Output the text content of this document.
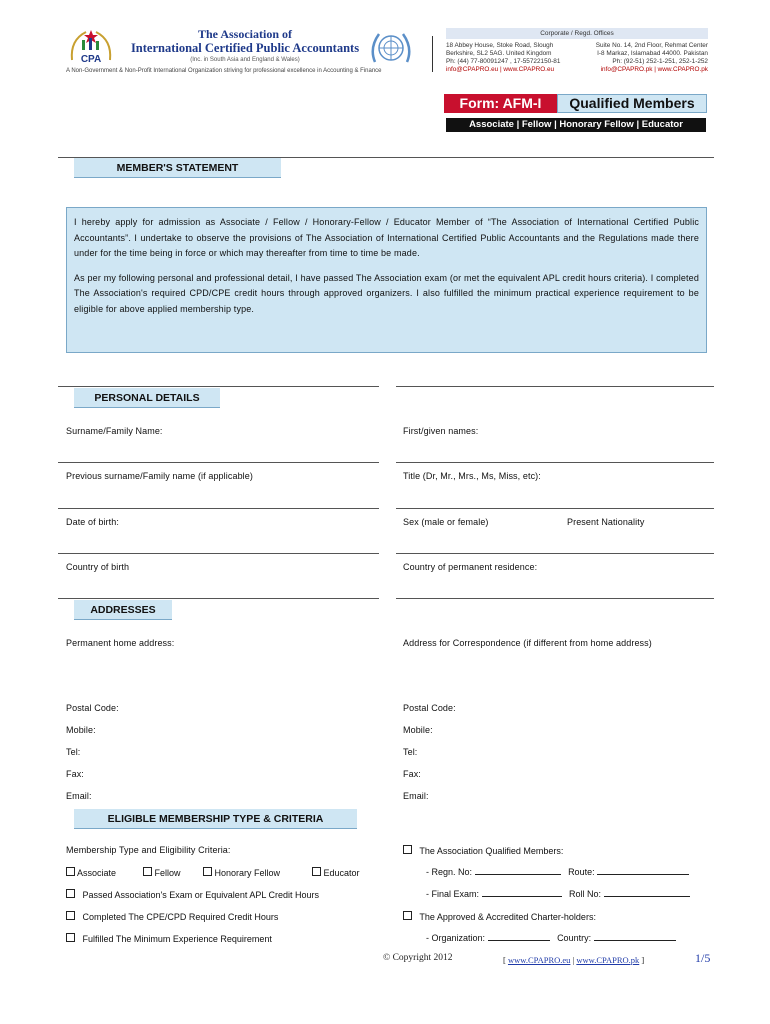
CPA
The Association of
International Certified Public Accountants
(Inc. in South Asia and England & Wales)
A Non-Government & Non-Profit International Organization striving for professional excellence in Accounting & Finance
Corporate / Regd. Offices
18 Abbey House, Stoke Road, Slough
Berkshire, SL2 5AG. United Kingdom
Ph: (44) 77-80091247 , 17-55722150-81
info@CPAPRO.eu | www.CPAPRO.eu
Suite No. 14, 2nd Floor, Rehmat Center
I-8 Markaz, Islamabad 44000. Pakistan
Ph: (92-51) 252-1-251, 252-1-252
info@CPAPRO.pk | www.CPAPRO.pk
Form: AFM-I	Qualified Members
Associate | Fellow | Honorary Fellow | Educator
MEMBER'S STATEMENT

I hereby apply for admission as Associate / Fellow / Honorary-Fellow / Educator Member of “The Association of International Certified Public Accountants”. I undertake to observe the provisions of The Association of International Certified Public Accountants and the Regulations made there under for the time being in force or which may thereafter from time to time be made.

As per my following personal and professional detail, I have passed The Association exam (or met the equivalent APL credit hours criteria). I completed The Association's required CPD/CPE credit hours through approved organizers. I also fulfilled the minimum practical experience requirement to be eligible for above applied membership type.

PERSONAL DETAILS
Surname/Family Name:	First/given names:
Previous surname/Family name (if applicable)	Title (Dr, Mr., Mrs., Ms, Miss, etc):
Date of birth:	Sex (male or female)	Present Nationality
Country of birth	Country of permanent residence:
ADDRESSES
Permanent home address:	Address for Correspondence (if different from home address)
Postal Code:	Postal Code:
Mobile:	Mobile:
Tel:	Tel:
Fax:	Fax:
Email:	Email:
ELIGIBLE MEMBERSHIP TYPE & CRITERIA
Membership Type and Eligibility Criteria:
Associate	Fellow	Honorary Fellow	Educator
Passed Association's Exam or Equivalent APL Credit Hours
Completed The CPE/CPD Required Credit Hours
Fulfilled The Minimum Experience Requirement
The Association Qualified Members:
- Regn. No:	Route:
- Final Exam:	Roll No:
The Approved & Accredited Charter-holders:
- Organization:	Country:
© Copyright 2012	[ www.CPAPRO.eu | www.CPAPRO.pk ]	1/5
